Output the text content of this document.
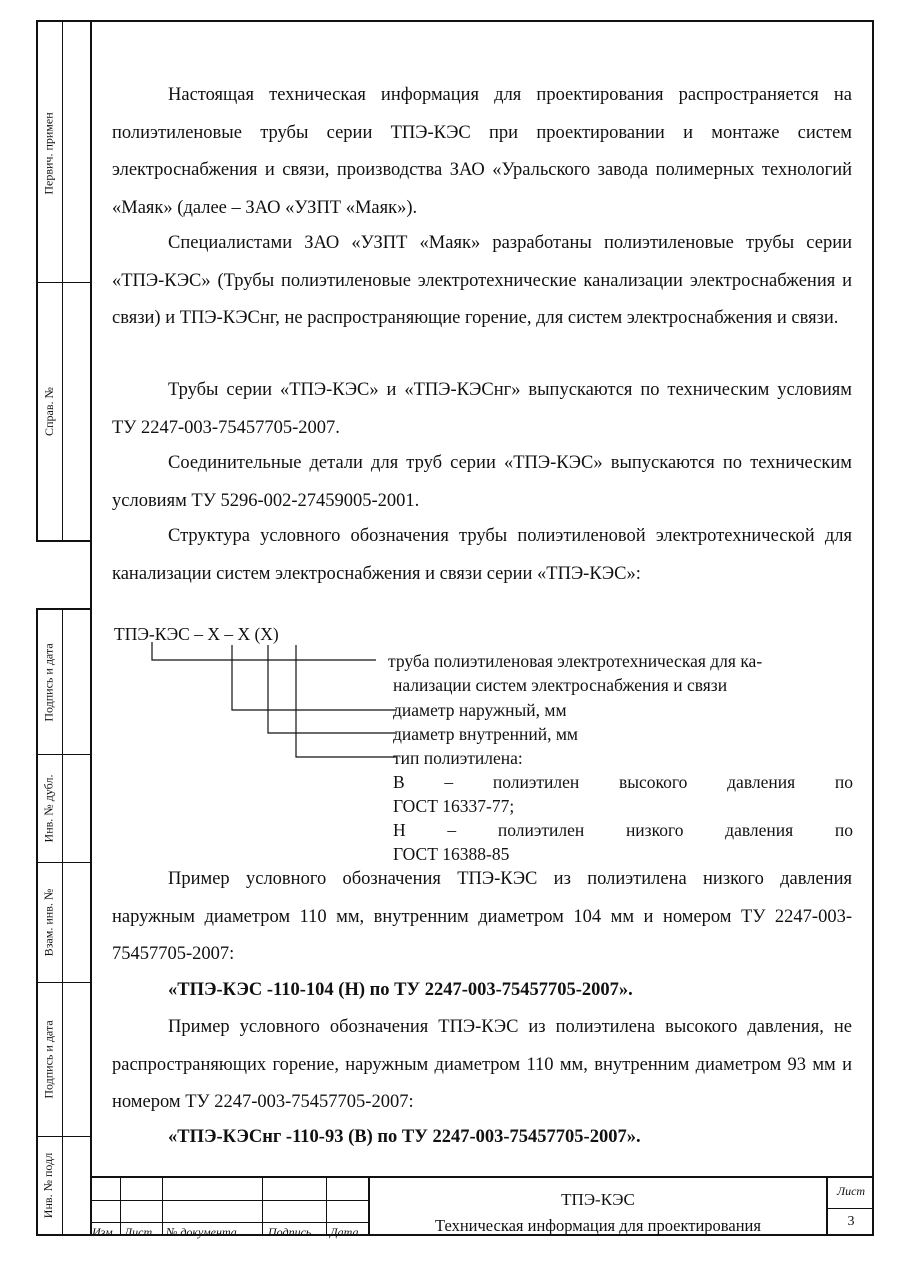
Первич. примен
Справ. №
Подпись и дата
Инв. № дубл.
Взам. инв. №
Подпись и дата
Инв. № подл

Настоящая техническая информация для проектирования распространяется на полиэтиленовые трубы серии ТПЭ-КЭС при проектировании и монтаже систем электроснабжения и связи, производства ЗАО «Уральского завода полимерных технологий «Маяк» (далее – ЗАО «УЗПТ «Маяк»).

Специалистами ЗАО «УЗПТ «Маяк» разработаны полиэтиленовые трубы серии «ТПЭ-КЭС» (Трубы полиэтиленовые электротехнические канализации электроснабжения и связи) и ТПЭ-КЭСнг, не распространяющие горение, для систем электроснабжения и связи.

Трубы серии «ТПЭ-КЭС» и «ТПЭ-КЭСнг» выпускаются по техническим условиям ТУ 2247-003-75457705-2007.

Соединительные детали для труб серии «ТПЭ-КЭС» выпускаются по техническим условиям ТУ 5296-002-27459005-2001.

Структура условного обозначения трубы полиэтиленовой электротехнической для канализации систем электроснабжения и связи серии «ТПЭ-КЭС»:

ТПЭ-КЭС – Х – Х (Х)

труба полиэтиленовая электротехническая для ка-

нализации систем электроснабжения и связи

диаметр наружный, мм

диаметр внутренний, мм

тип полиэтилена:

В – полиэтилен высокого давления по

ГОСТ 16337-77;

Н – полиэтилен низкого давления по

ГОСТ 16388-85

Пример условного обозначения ТПЭ-КЭС из полиэтилена низкого давления наружным диаметром 110 мм, внутренним диаметром 104 мм и номером ТУ 2247-003-75457705-2007:

«ТПЭ-КЭС -110-104 (Н) по ТУ 2247-003-75457705-2007».

Пример условного обозначения ТПЭ-КЭС из полиэтилена высокого давления, не распространяющих горение, наружным диаметром 110 мм, внутренним диаметром 93 мм и номером ТУ 2247-003-75457705-2007:

«ТПЭ-КЭСнг -110-93 (В) по ТУ 2247-003-75457705-2007».

Изм Лист № документа	Подпись Дата
ТПЭ-КЭС
Техническая информация для проектирования
Лист
3
